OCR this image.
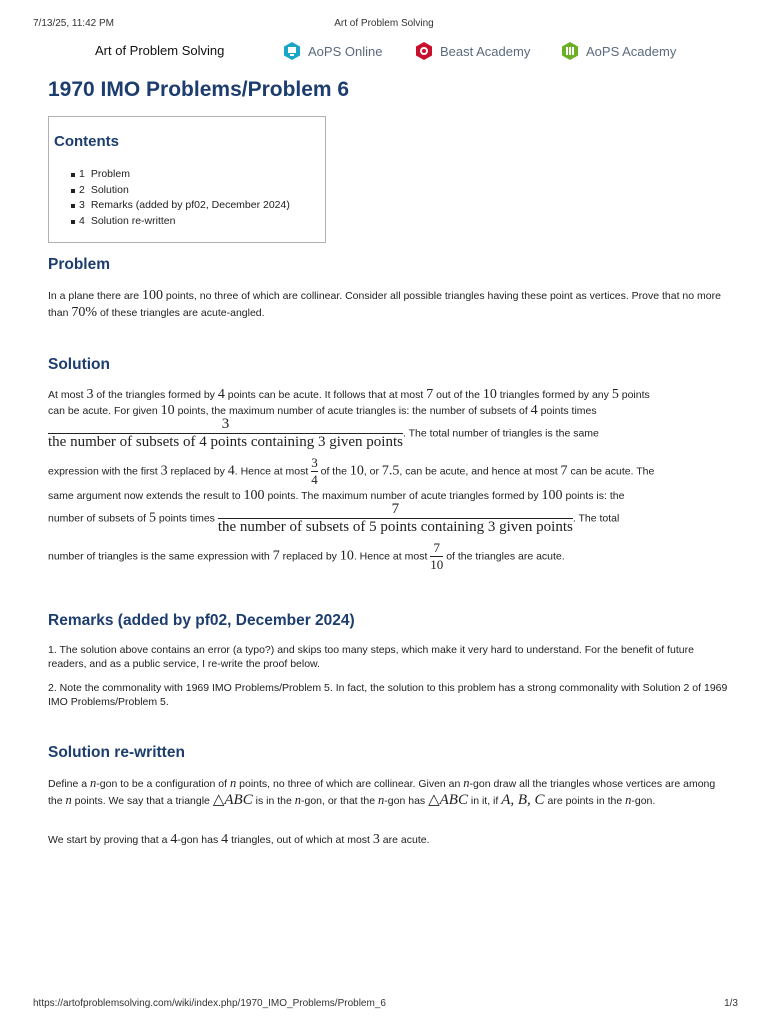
7/13/25, 11:42 PM	Art of Problem Solving
Art of Problem Solving	AoPS Online	Beast Academy	AoPS Academy
1970 IMO Problems/Problem 6
Contents
1 Problem
2 Solution
3 Remarks (added by pf02, December 2024)
4 Solution re-written
Problem

In a plane there are 100 points, no three of which are collinear. Consider all possible triangles having these point as vertices. Prove that no more than 70% of these triangles are acute-angled.

Solution
At most 3 of the triangles formed by 4 points can be acute. It follows that at most 7 out of the 10 triangles formed by any 5 points
can be acute. For given 10 points, the maximum number of acute triangles is: the number of subsets of 4 points times
$\frac{3}{\text{the number of subsets of 4 points containing 3 given points}}$ . The total number of triangles is the same
expression with the first 3 replaced by 4. Hence at most $\frac{3}{4}$ of the 10, or 7.5, can be acute, and hence at most 7 can be acute. The
same argument now extends the result to 100 points. The maximum number of acute triangles formed by 100 points is: the
number of subsets of 5 points times $\frac{7}{\text{the number of subsets of 5 points containing 3 given points}}$ . The total
number of triangles is the same expression with 7 replaced by 10. Hence at most $\frac{7}{10}$ of the triangles are acute.
Remarks (added by pf02, December 2024)

1. The solution above contains an error (a typo?) and skips too many steps, which make it very hard to understand. For the benefit of future readers, and as a public service, I re-write the proof below.

2. Note the commonality with 1969 IMO Problems/Problem 5. In fact, the solution to this problem has a strong commonality with Solution 2 of 1969 IMO Problems/Problem 5.

Solution re-written

Define a n-gon to be a configuration of n points, no three of which are collinear. Given an n-gon draw all the triangles whose vertices are among the n points. We say that a triangle △ABC is in the n-gon, or that the n-gon has △ABC in it, if A, B, C are points in the n-gon.

We start by proving that a 4-gon has 4 triangles, out of which at most 3 are acute.

https://artofproblemsolving.com/wiki/index.php/1970_IMO_Problems/Problem_6	1/3
